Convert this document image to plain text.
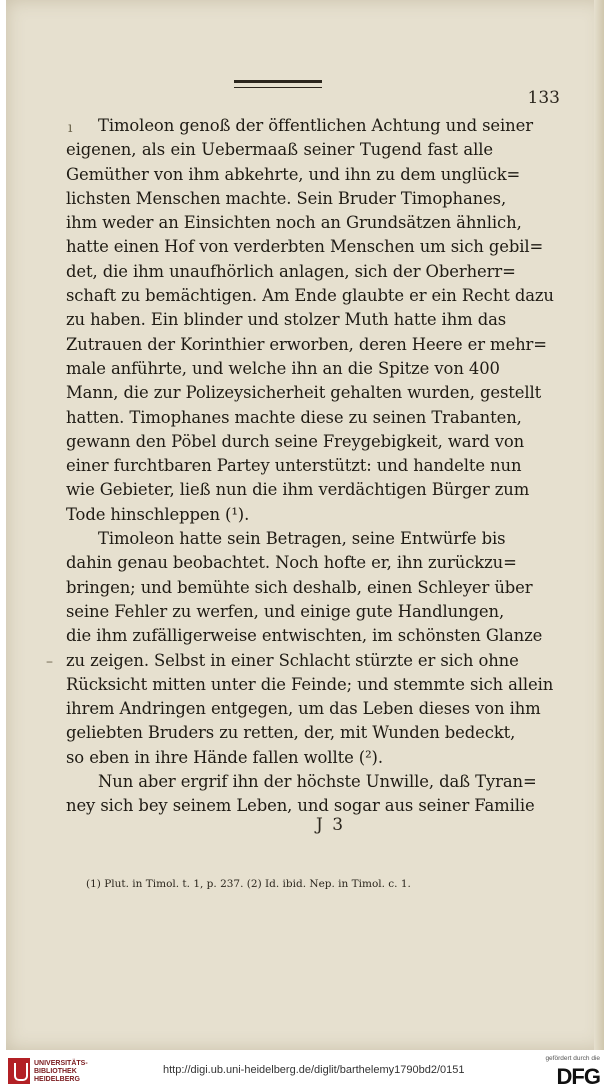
133
Timoleon genoß der öffentlichen Achtung und seiner
eigenen, als ein Uebermaaß seiner Tugend fast alle
Gemüther von ihm abkehrte, und ihn zu dem unglück=
lichsten Menschen machte. Sein Bruder Timophanes,
ihm weder an Einsichten noch an Grundsätzen ähnlich,
hatte einen Hof von verderbten Menschen um sich gebil=
det, die ihm unaufhörlich anlagen, sich der Oberherr=
schaft zu bemächtigen. Am Ende glaubte er ein Recht dazu
zu haben. Ein blinder und stolzer Muth hatte ihm das
Zutrauen der Korinthier erworben, deren Heere er mehr=
male anführte, und welche ihn an die Spitze von 400
Mann, die zur Polizeysicherheit gehalten wurden, gestellt
hatten. Timophanes machte diese zu seinen Trabanten,
gewann den Pöbel durch seine Freygebigkeit, ward von
einer furchtbaren Partey unterstützt: und handelte nun
wie Gebieter, ließ nun die ihm verdächtigen Bürger zum
Tode hinschleppen (¹).
Timoleon hatte sein Betragen, seine Entwürfe bis
dahin genau beobachtet. Noch hofte er, ihn zurückzu=
bringen; und bemühte sich deshalb, einen Schleyer über
seine Fehler zu werfen, und einige gute Handlungen,
die ihm zufälligerweise entwischten, im schönsten Glanze
zu zeigen. Selbst in einer Schlacht stürzte er sich ohne
Rücksicht mitten unter die Feinde; und stemmte sich allein
ihrem Andringen entgegen, um das Leben dieses von ihm
geliebten Bruders zu retten, der, mit Wunden bedeckt,
so eben in ihre Hände fallen wollte (²).
Nun aber ergrif ihn der höchste Unwille, daß Tyran=
ney sich bey seinem Leben, und sogar aus seiner Familie
J 3
(1) Plut. in Timol. t. 1, p. 237. (2) Id. ibid. Nep. in Timol. c. 1.
ı
–
UNIVERSITÄTS-
BIBLIOTHEK
HEIDELBERG
http://digi.ub.uni-heidelberg.de/diglit/barthelemy1790bd2/0151
gefördert durch die
DFG
